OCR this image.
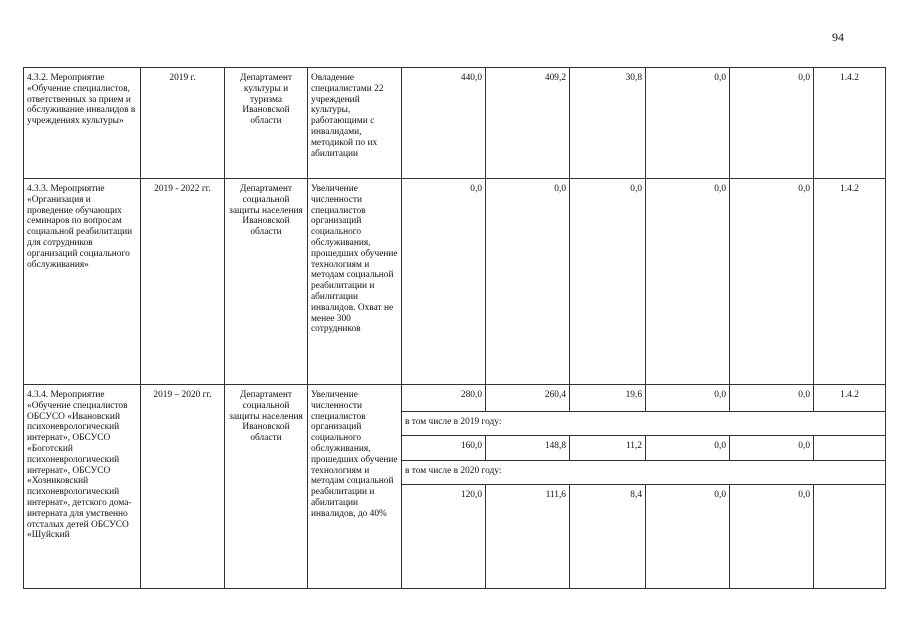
94
4.3.2. Мероприятие «Обучение специалистов, ответственных за прием и обслуживание инвалидов в учреждениях культуры»	2019 г.	Департамент культуры и туризма Ивановской области	Овладение специалистами 22 учреждений культуры, работающими с инвалидами, методикой по их абилитации	440,0	409,2	30,8	0,0	0,0	1.4.2
4.3.3. Мероприятие «Организация и проведение обучающих семинаров по вопросам социальной реабилитации для сотрудников организаций социального обслуживания»	2019 - 2022 гг.	Департамент социальной защиты населения Ивановской области	Увеличение численности специалистов организаций социального обслуживания, прошедших обучение технологиям и методам социальной реабилитации и абилитации инвалидов. Охват не менее 300 сотрудников	0,0	0,0	0,0	0,0	0,0	1.4.2
4.3.4. Мероприятие «Обучение специалистов ОБСУСО «Ивановский психоневрологический интернат», ОБСУСО «Боготский психоневрологический интернат», ОБСУСО «Хозниковский психоневрологический интернат», детского дома-интерната для умственно отсталых детей ОБСУСО «Шуйский	2019 – 2020 гг.	Департамент социальной защиты населения Ивановской области	Увеличение численности специалистов организаций социального обслуживания, прошедших обучение технологиям и методам социальной реабилитации и абилитации инвалидов, до 40%	280,0	260,4	19,6	0,0	0,0	1.4.2
				в том числе в 2019 году:					
				160,0	148,8	11,2	0,0	0,0	
				в том числе в 2020 году:					
				120,0	111,6	8,4	0,0	0,0	
